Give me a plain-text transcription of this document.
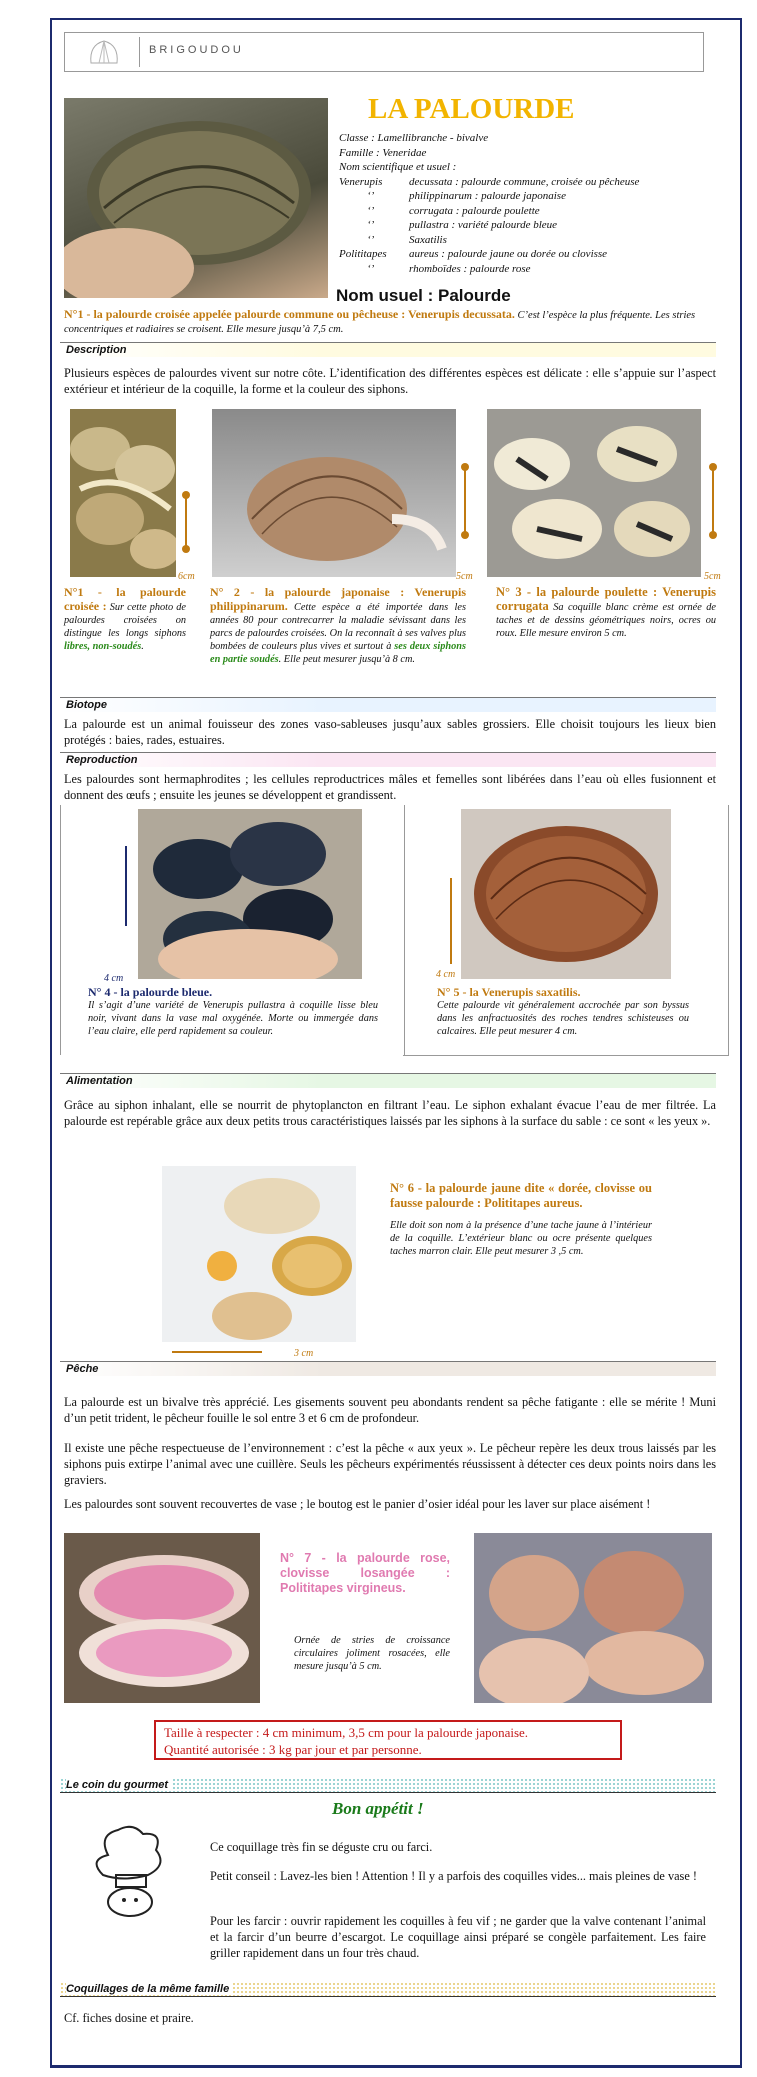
BRIGOUDOU
LA PALOURDE
Classe : Lamellibranche - bivalve
Famille : Veneridae
Nom scientifique et usuel :
Venerupis	decussata : palourde commune, croisée ou pêcheuse
‘’	philippinarum : palourde japonaise
‘’	corrugata : palourde poulette
‘’	pullastra : variété palourde bleue
‘’	Saxatilis
Polititapes	aureus : palourde jaune ou dorée ou clovisse
‘’	rhomboïdes : palourde rose
Nom usuel : Palourde
N°1 - la palourde croisée appelée palourde commune ou pêcheuse : Venerupis decussata. C’est l’espèce la plus fréquente. Les stries concentriques et radiaires se croisent. Elle mesure jusqu’à 7,5 cm.
Description
Plusieurs espèces de palourdes vivent sur notre côte. L’identification des différentes espèces est délicate : elle s’appuie sur l’aspect extérieur et intérieur de la coquille, la forme et la couleur des siphons.
6cm	5cm	5cm
N°1 - la palourde croisée : Sur cette photo de palourdes croisées on distingue les longs siphons libres, non-soudés.
N° 2 - la palourde japonaise : Venerupis philippinarum. Cette espèce a été importée dans les années 80 pour contrecarrer la maladie sévissant dans les parcs de palourdes croisées. On la reconnaît à ses valves plus bombées de couleurs plus vives et surtout à ses deux siphons en partie soudés. Elle peut mesurer jusqu’à 8 cm.
N° 3 - la palourde poulette : Venerupis corrugata Sa coquille blanc crème est ornée de taches et de dessins géométriques noirs, ocres ou roux. Elle mesure environ 5 cm.
Biotope
La palourde est un animal fouisseur des zones vaso-sableuses jusqu’aux sables grossiers. Elle choisit toujours les lieux bien protégés : baies, rades, estuaires.
Reproduction
Les palourdes sont hermaphrodites ; les cellules reproductrices mâles et femelles sont libérées dans l’eau où elles fusionnent et donnent des œufs ; ensuite les jeunes se développent et grandissent.
4 cm	4 cm
N° 4 - la palourde bleue.
Il s’agit d’une variété de Venerupis pullastra à coquille lisse bleu noir, vivant dans la vase mal oxygénée. Morte ou immergée dans l’eau claire, elle perd rapidement sa couleur.
N° 5 - la Venerupis saxatilis.
Cette palourde vit généralement accrochée par son byssus dans les anfractuosités des roches tendres schisteuses ou calcaires. Elle peut mesurer 4 cm.
Alimentation
Grâce au siphon inhalant, elle se nourrit de phytoplancton en filtrant l’eau. Le siphon exhalant évacue l’eau de mer filtrée. La palourde est repérable grâce aux deux petits trous caractéristiques laissés par les siphons à la surface du sable : ce sont « les yeux ».
3 cm
N° 6 - la palourde jaune dite « dorée, clovisse ou fausse palourde : Polititapes aureus.
Elle doit son nom à la présence d’une tache jaune à l’intérieur de la coquille. L’extérieur blanc ou ocre présente quelques taches marron clair. Elle peut mesurer 3 ,5 cm.
Pêche
La palourde est un bivalve très apprécié. Les gisements souvent peu abondants rendent sa pêche fatigante : elle se mérite ! Muni d’un petit trident, le pêcheur fouille le sol entre 3 et 6 cm de profondeur.
Il existe une pêche respectueuse de l’environnement : c’est la pêche « aux yeux ». Le pêcheur repère les deux trous laissés par les siphons puis extirpe l’animal avec une cuillère. Seuls les pêcheurs expérimentés réussissent à détecter ces deux points noirs dans les graviers.
Les palourdes sont souvent recouvertes de vase ; le boutog est le panier d’osier idéal pour les laver sur place aisément !
N° 7 - la palourde rose, clovisse losangée : Polititapes virgineus.
Ornée de stries de croissance circulaires joliment rosacées, elle mesure jusqu’à 5 cm.
Taille à respecter : 4 cm minimum, 3,5 cm pour la palourde japonaise.
Quantité autorisée : 3 kg par jour et par personne.
Le coin du gourmet
Bon appétit !
Ce coquillage très fin se déguste cru ou farci.
Petit conseil : Lavez-les bien ! Attention ! Il y a parfois des coquilles vides... mais pleines de vase !
Pour les farcir : ouvrir rapidement les coquilles à feu vif ; ne garder que la valve contenant l’animal et la farcir d’un beurre d’escargot. Le coquillage ainsi préparé se congèle parfaitement. Les faire griller rapidement dans un four très chaud.
Coquillages de la même famille
Cf. fiches dosine et praire.
